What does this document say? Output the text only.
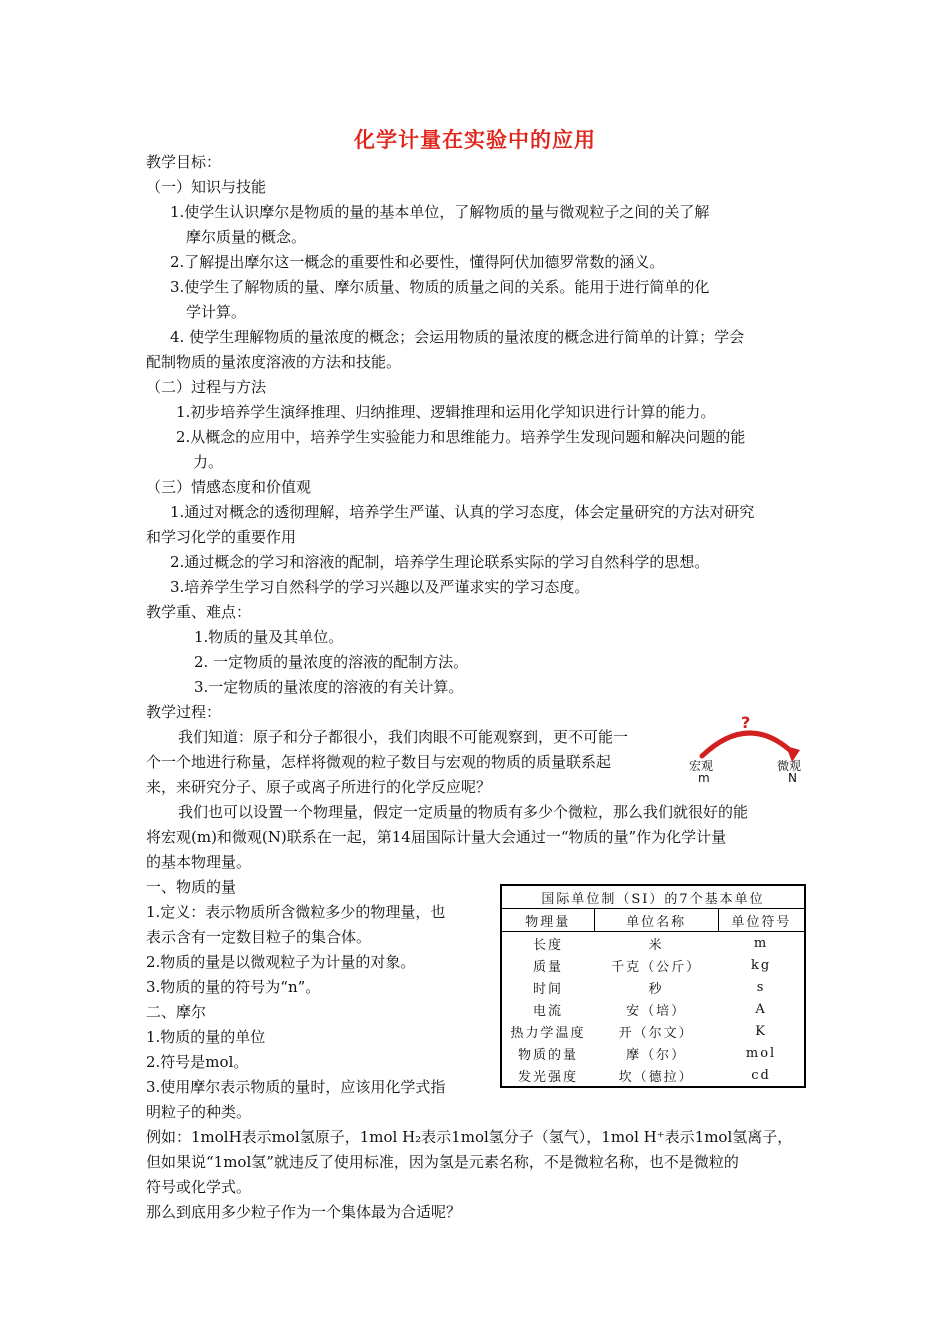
化学计量在实验中的应用
教学目标：
（一）知识与技能
1.使学生认识摩尔是物质的量的基本单位，了解物质的量与微观粒子之间的关了解
摩尔质量的概念。
2.了解提出摩尔这一概念的重要性和必要性，懂得阿伏加德罗常数的涵义。
3.使学生了解物质的量、摩尔质量、物质的质量之间的关系。能用于进行简单的化
学计算。
4. 使学生理解物质的量浓度的概念；会运用物质的量浓度的概念进行简单的计算；学会
配制物质的量浓度溶液的方法和技能。
（二）过程与方法
1.初步培养学生演绎推理、归纳推理、逻辑推理和运用化学知识进行计算的能力。
2.从概念的应用中，培养学生实验能力和思维能力。培养学生发现问题和解决问题的能
力。
（三）情感态度和价值观
1.通过对概念的透彻理解，培养学生严谨、认真的学习态度，体会定量研究的方法对研究
和学习化学的重要作用
2.通过概念的学习和溶液的配制，培养学生理论联系实际的学习自然科学的思想。
3.培养学生学习自然科学的学习兴趣以及严谨求实的学习态度。
教学重、难点：
1.物质的量及其单位。
2. 一定物质的量浓度的溶液的配制方法。
3.一定物质的量浓度的溶液的有关计算。
教学过程：
我们知道：原子和分子都很小，我们肉眼不可能观察到，更不可能一
个一个地进行称量，怎样将微观的粒子数目与宏观的物质的质量联系起
来，来研究分子、原子或离子所进行的化学反应呢？
?
宏观
m
微观
N
我们也可以设置一个物理量，假定一定质量的物质有多少个微粒，那么我们就很好的能
将宏观(m)和微观(N)联系在一起，第14届国际计量大会通过一“物质的量”作为化学计量
的基本物理量。
一、物质的量
1.定义：表示物质所含微粒多少的物理量，也
表示含有一定数目粒子的集合体。
2.物质的量是以微观粒子为计量的对象。
3.物质的量的符号为“n”。
二、摩尔
1.物质的量的单位
2.符号是mol。
3.使用摩尔表示物质的量时，应该用化学式指
明粒子的种类。
国际单位制（SI）的7个基本单位		
物理量	单位名称	单位符号
长度	米	m
质量	千克（公斤）	kg
时间	秒	s
电流	安（培）	A
热力学温度	开（尔文）	K
物质的量	摩（尔）	mol
发光强度	坎（德拉）	cd
例如：1molH表示mol氢原子，1mol H₂表示1mol氢分子（氢气），1mol H⁺表示1mol氢离子，
但如果说“1mol氢”就违反了使用标准，因为氢是元素名称，不是微粒名称，也不是微粒的
符号或化学式。
那么到底用多少粒子作为一个集体最为合适呢？
